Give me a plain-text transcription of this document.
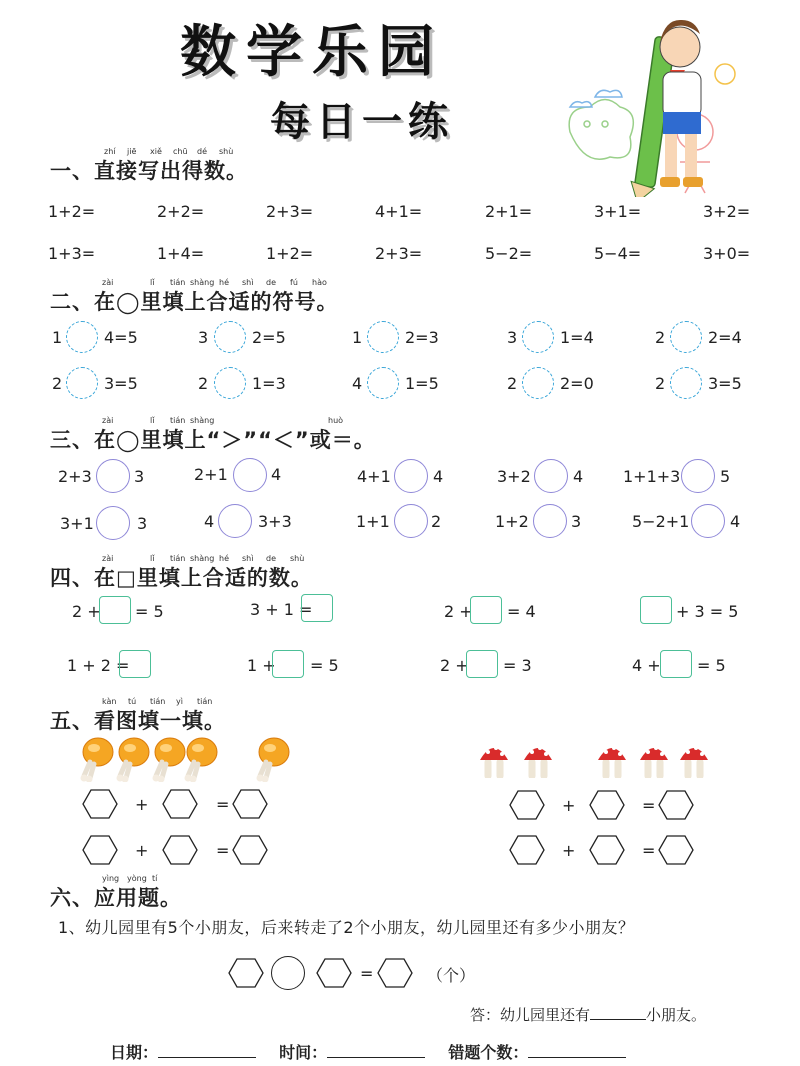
数学乐园
每日一练
一、直接写出得数。
zhí jiē xiě chū dé shù
1+2=	2+2=	2+3=	4+1=	2+1=	3+1=	3+2=
1+3=	1+4=	1+2=	2+3=	5−2=	5−4=	3+0=
二、在◯里填上合适的符号。
zài	lǐ tián shàng hé shì de fú hào
1	4=5	3	2=5	1	2=3	3	1=4	2	2=4
2	3=5	2	1=3	4	1=5	2	2=0	2	3=5
三、在◯里填上“＞”“＜”或＝。
zài	lǐ tián shàng	huò
2+3	3	2+1	4	4+1	4	3+2	4 1+1+3 5
3+1	3	4	3+3	1+1	2	1+2	3	5−2+1	4
四、在□里填上合适的数。
zài	lǐ tián shàng hé shì de shù
2 + = 5	3 + 1 =	2 + = 4	+ 3 = 5
1 + 2 =	1 + = 5	2 + = 3	4 + = 5
五、看图填一填。
kàn tú tián yì tián
+	=
+	=
+	=
+	=
六、应用题。
yìng yòng tí
1、幼儿园里有5个小朋友，后来转走了2个小朋友，幼儿园里还有多少小朋友？
=	（个）
答：幼儿园里还有	小朋友。
日期：	时间：	错题个数：
